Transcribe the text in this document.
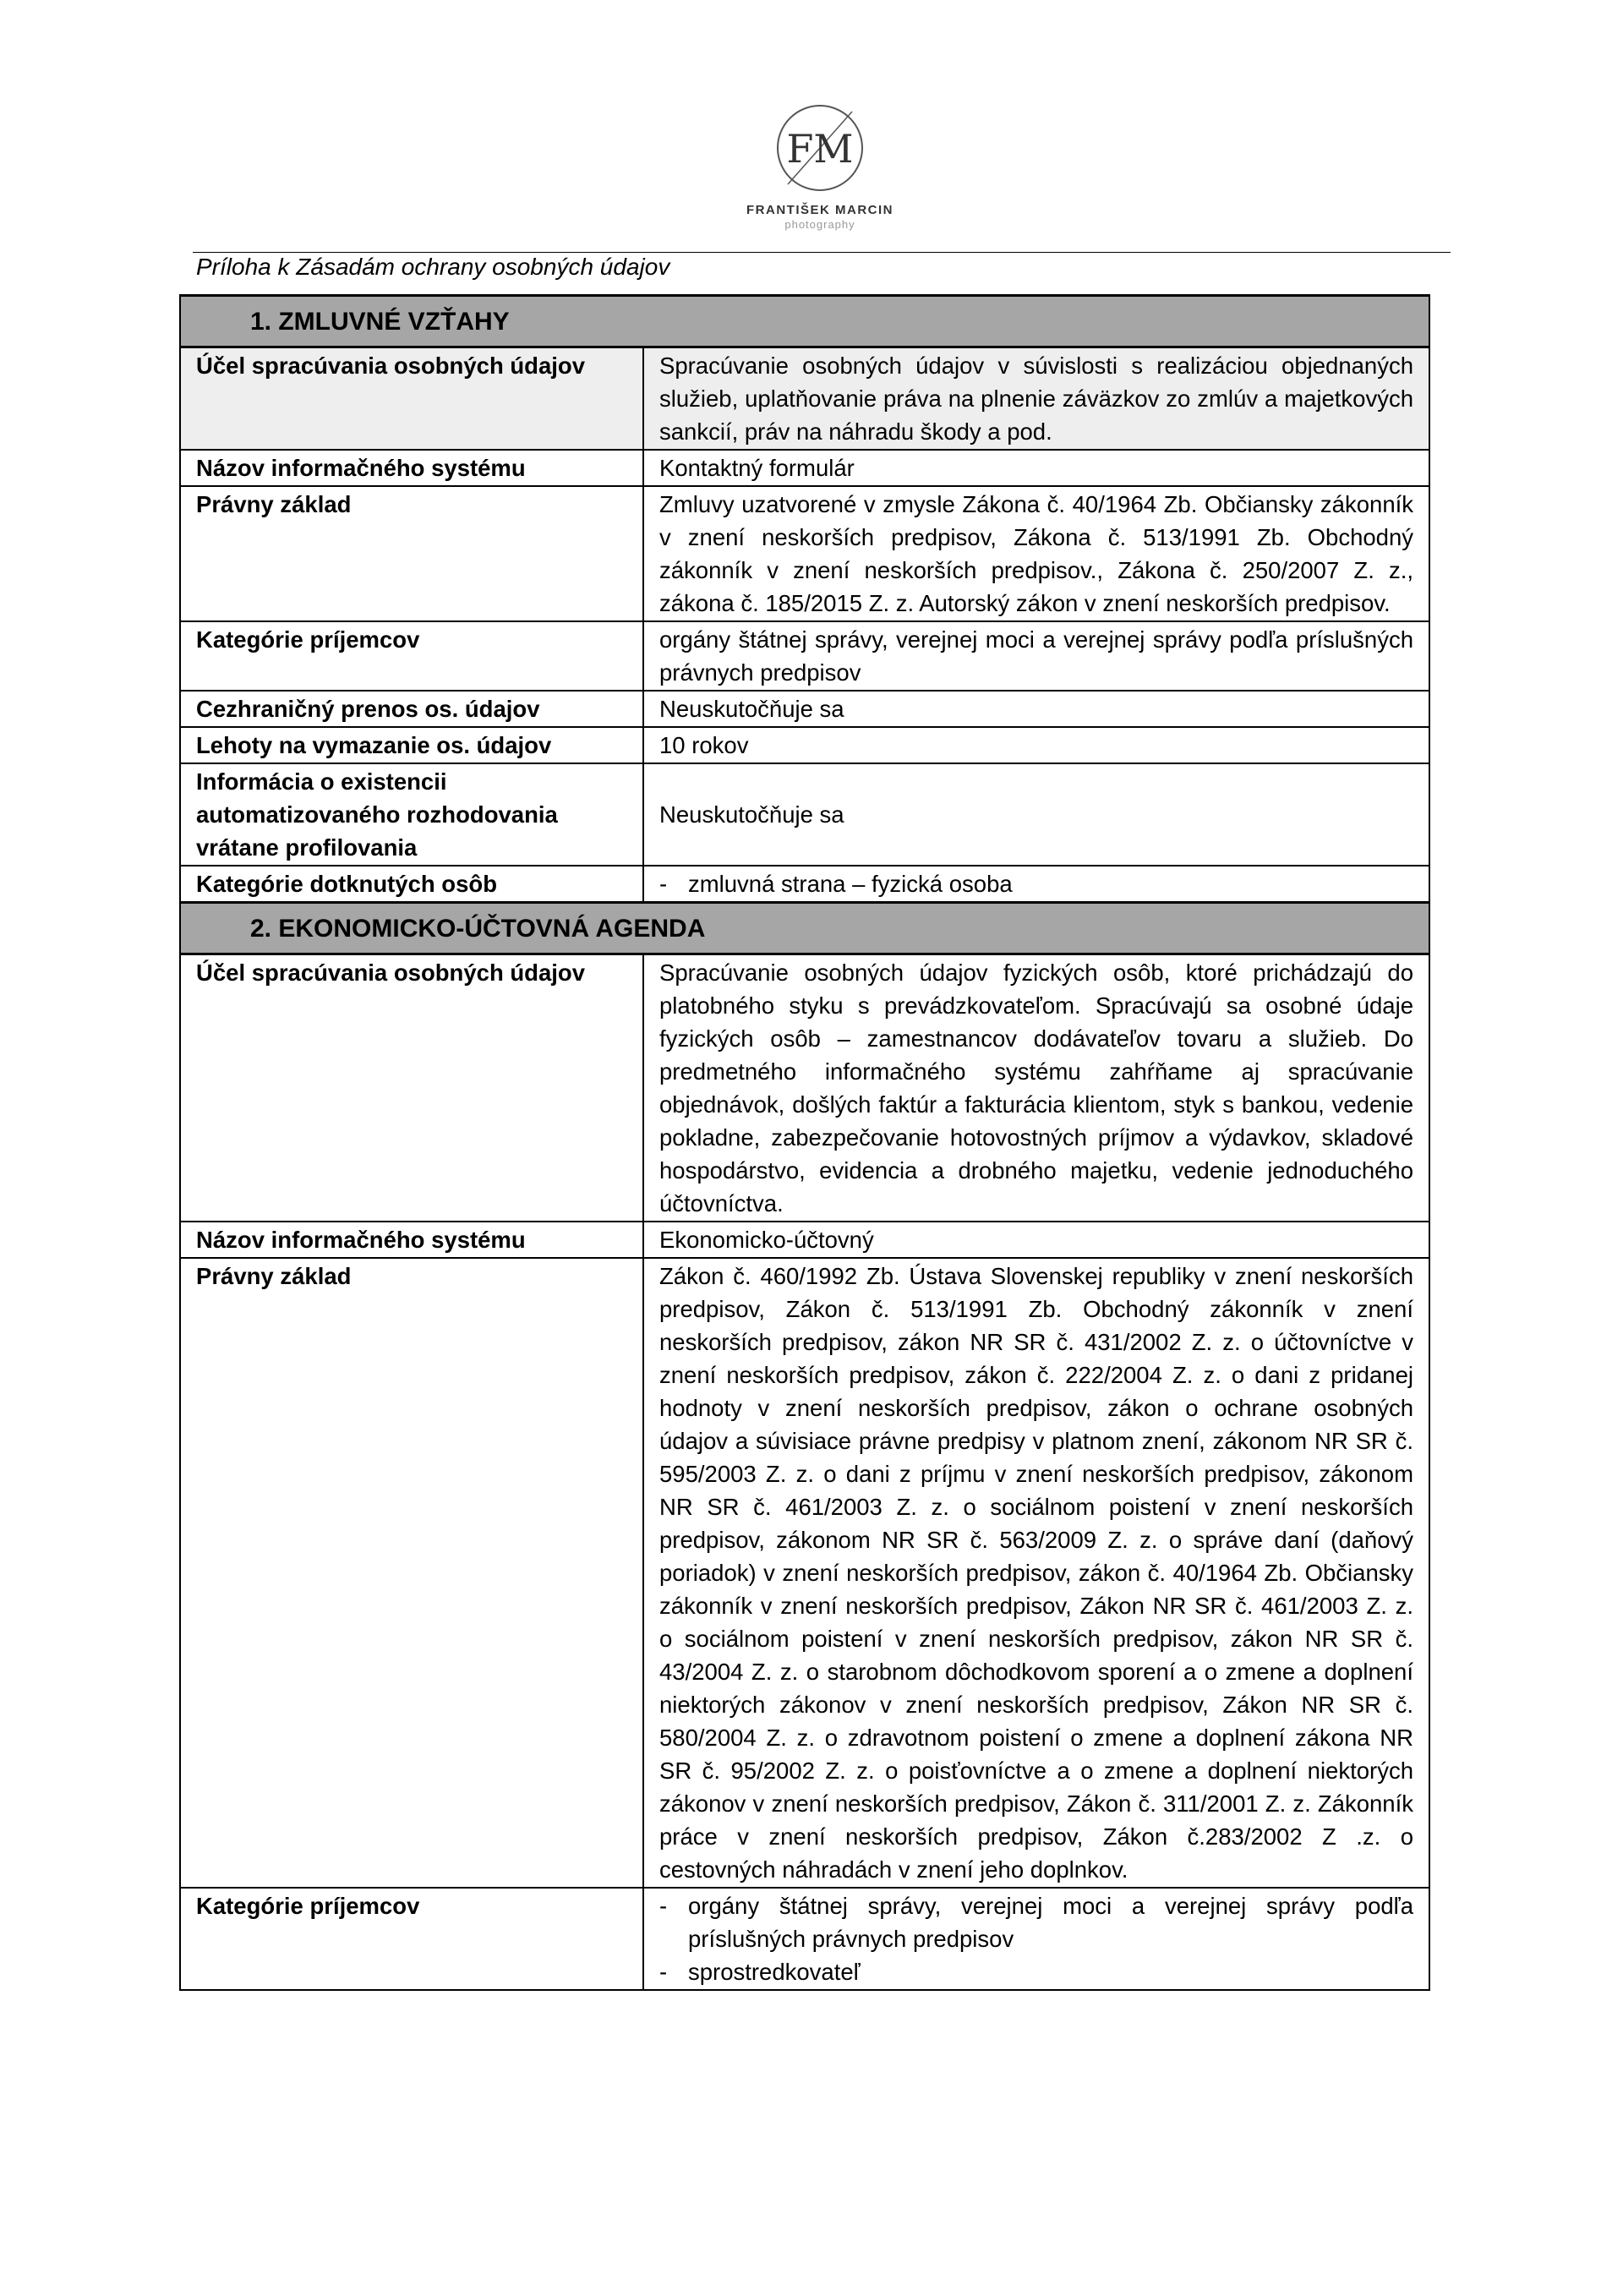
FM
FRANTIŠEK MARCIN
photography
Príloha k Zásadám ochrany osobných údajov
1. ZMLUVNÉ VZŤAHY	
Účel spracúvania osobných údajov	Spracúvanie osobných údajov v súvislosti s realizáciou objednaných služieb, uplatňovanie práva na plnenie záväzkov zo zmlúv a majetkových sankcií, práv na náhradu škody a pod.
Názov informačného systému	Kontaktný formulár
Právny základ	Zmluvy uzatvorené v zmysle Zákona č. 40/1964 Zb. Občiansky zákonník v znení neskorších predpisov, Zákona č. 513/1991 Zb. Obchodný zákonník v znení neskorších predpisov., Zákona č. 250/2007 Z. z., zákona č. 185/2015 Z. z. Autorský zákon v znení neskorších predpisov.
Kategórie príjemcov	orgány štátnej správy, verejnej moci a verejnej správy podľa príslušných právnych predpisov
Cezhraničný prenos os. údajov	Neuskutočňuje sa
Lehoty na vymazanie os. údajov	10 rokov
Informácia o existencii automatizovaného rozhodovania vrátane profilovania	Neuskutočňuje sa
Kategórie dotknutých osôb	- zmluvná strana – fyzická osoba

2. EKONOMICKO-ÚČTOVNÁ AGENDA	
Účel spracúvania osobných údajov	Spracúvanie osobných údajov fyzických osôb, ktoré prichádzajú do platobného styku s prevádzkovateľom. Spracúvajú sa osobné údaje fyzických osôb – zamestnancov dodávateľov tovaru a služieb. Do predmetného informačného systému zahŕňame aj spracúvanie objednávok, došlých faktúr a fakturácia klientom, styk s bankou, vedenie pokladne, zabezpečovanie hotovostných príjmov a výdavkov, skladové hospodárstvo, evidencia a drobného majetku, vedenie jednoduchého účtovníctva.
Názov informačného systému	Ekonomicko-účtovný
Právny základ	Zákon č. 460/1992 Zb. Ústava Slovenskej republiky v znení neskorších predpisov, Zákon č. 513/1991 Zb. Obchodný zákonník v znení neskorších predpisov, zákon NR SR č. 431/2002 Z. z. o účtovníctve v znení neskorších predpisov, zákon č. 222/2004 Z. z. o dani z pridanej hodnoty v znení neskorších predpisov, zákon o ochrane osobných údajov a súvisiace právne predpisy v platnom znení, zákonom NR SR č. 595/2003 Z. z. o dani z príjmu v znení neskorších predpisov, zákonom NR SR č. 461/2003 Z. z. o sociálnom poistení v znení neskorších predpisov, zákonom NR SR č. 563/2009 Z. z. o správe daní (daňový poriadok) v znení neskorších predpisov, zákon č. 40/1964 Zb. Občiansky zákonník v znení neskorších predpisov, Zákon NR SR č. 461/2003 Z. z. o sociálnom poistení v znení neskorších predpisov, zákon NR SR č. 43/2004 Z. z. o starobnom dôchodkovom sporení a o zmene a doplnení niektorých zákonov v znení neskorších predpisov, Zákon NR SR č. 580/2004 Z. z. o zdravotnom poistení o zmene a doplnení zákona NR SR č. 95/2002 Z. z. o poisťovníctve a o zmene a doplnení niektorých zákonov v znení neskorších predpisov, Zákon č. 311/2001 Z. z. Zákonník práce v znení neskorších predpisov, Zákon č.283/2002 Z .z. o cestovných náhradách v znení jeho doplnkov.
Kategórie príjemcov	- orgány štátnej správy, verejnej moci a verejnej správy podľa príslušných právnych predpisov
- sprostredkovateľ
